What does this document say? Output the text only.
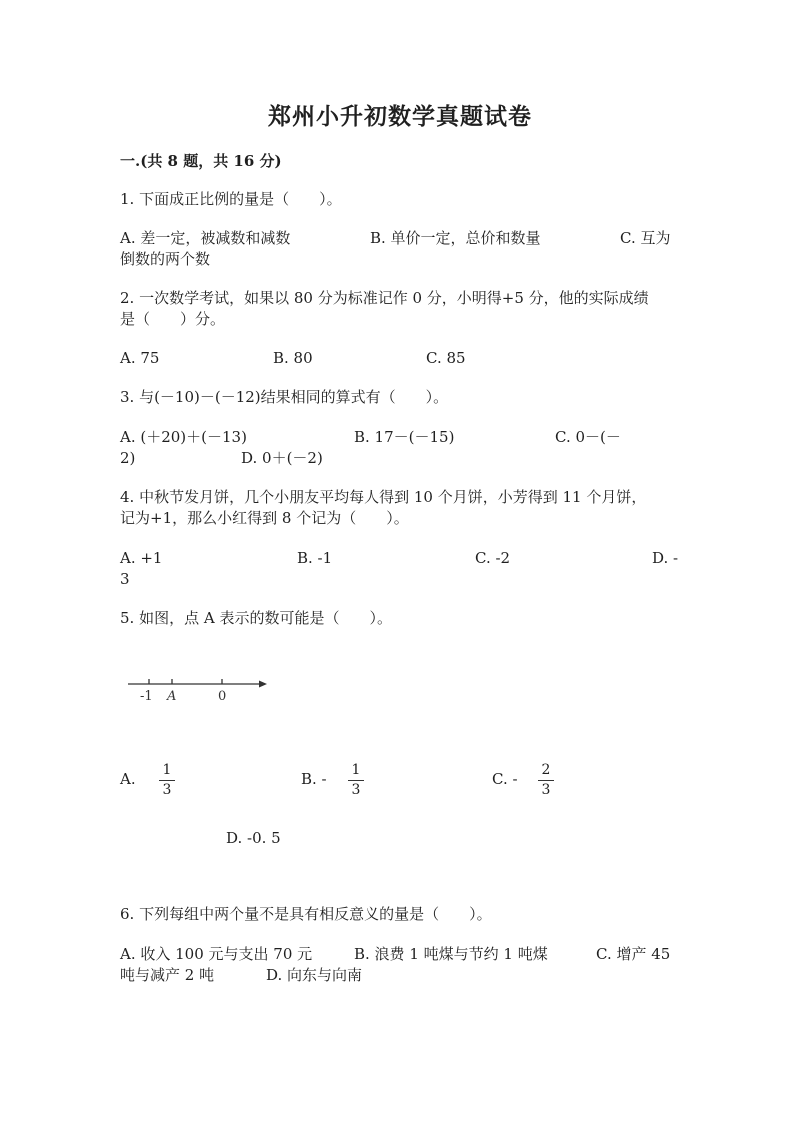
郑州小升初数学真题试卷
一.(共 8 题，共 16 分)
1. 下面成正比例的量是（　　）。
A. 差一定，被减数和减数	B. 单价一定，总价和数量	C. 互为
倒数的两个数
2. 一次数学考试，如果以 80 分为标准记作 0 分，小明得+5 分，他的实际成绩
是（　　）分。
A. 75	B. 80	C. 85
3. 与(－10)－(－12)结果相同的算式有（　　）。
A. (＋20)＋(－13)	B. 17－(－15)	C. 0－(－
2)	D. 0＋(－2)
4. 中秋节发月饼，几个小朋友平均每人得到 10 个月饼，小芳得到 11 个月饼，
记为+1，那么小红得到 8 个记为（　　）。
A. +1	B. -1	C. -2	D. -
3
5. 如图，点 A 表示的数可能是（　　）。
-1 A	0
A.	1
3
B. -	1
3
C. -	2
3
D. -0. 5
6. 下列每组中两个量不是具有相反意义的量是（　　）。
A. 收入 100 元与支出 70 元	B. 浪费 1 吨煤与节约 1 吨煤	C. 增产 45
吨与减产 2 吨	D. 向东与向南
